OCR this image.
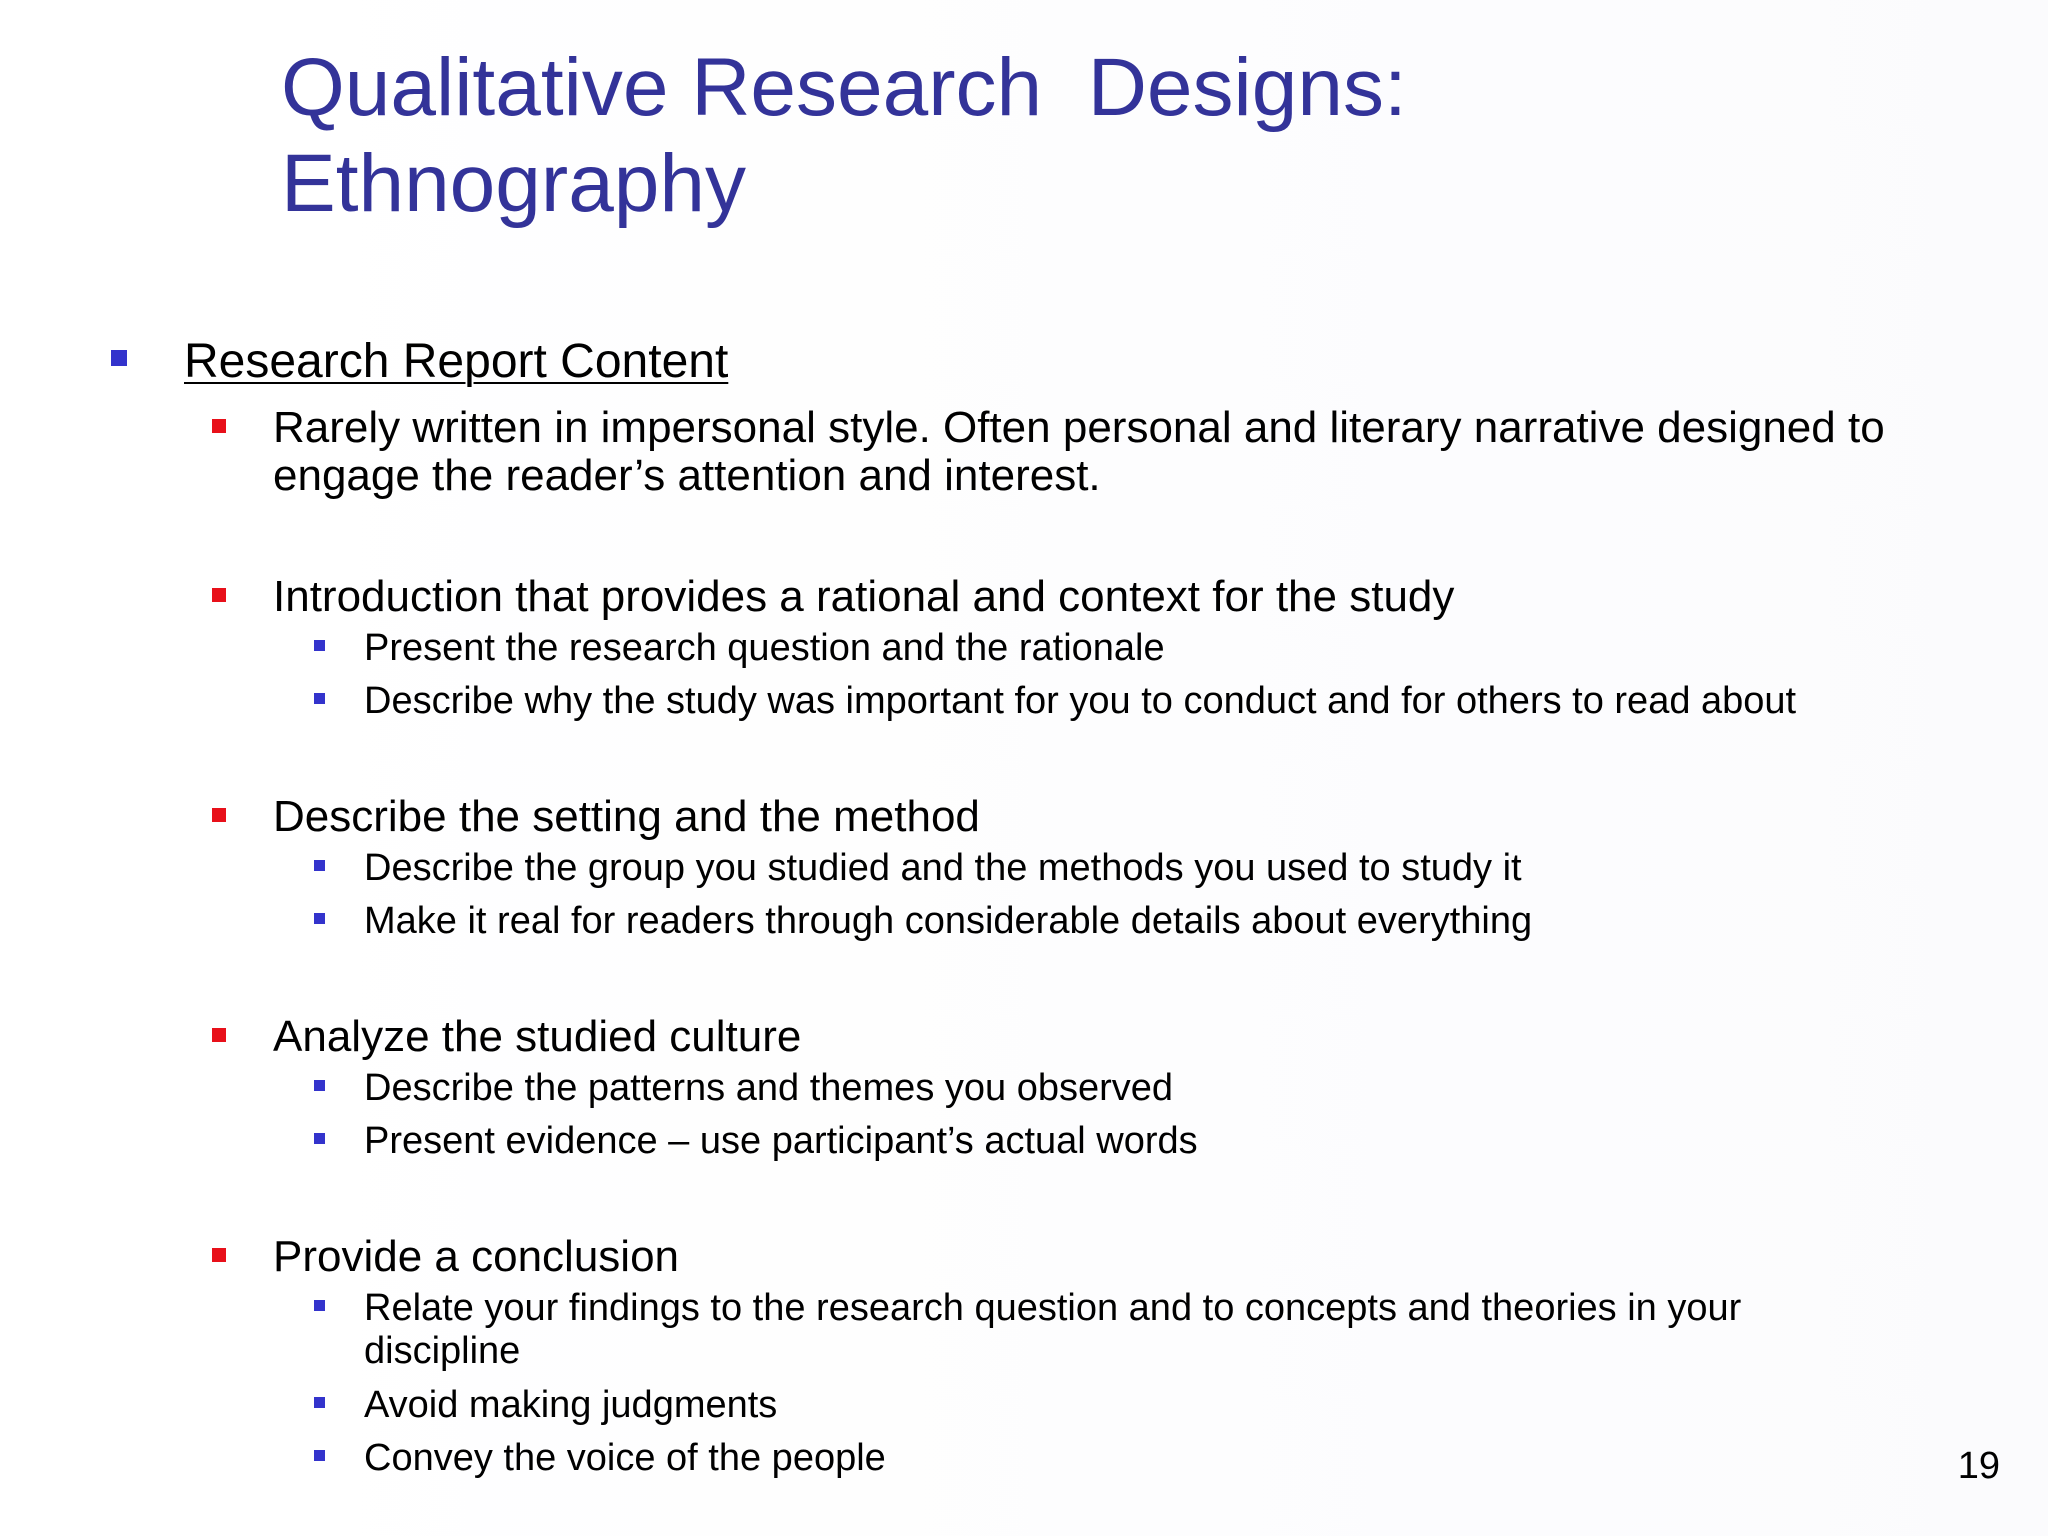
Qualitative Research  Designs:
Ethnography
Research Report Content
Rarely written in impersonal style. Often personal and literary narrative designed to
engage the reader’s attention and interest.
Introduction that provides a rational and context for the study
Present the research question and the rationale
Describe why the study was important for you to conduct and for others to read about
Describe the setting and the method
Describe the group you studied and the methods you used to study it
Make it real for readers through considerable details about everything
Analyze the studied culture
Describe the patterns and themes you observed
Present evidence – use participant’s actual words
Provide a conclusion
Relate your findings to the research question and to concepts and theories in your
discipline
Avoid making judgments
Convey the voice of the people	19
